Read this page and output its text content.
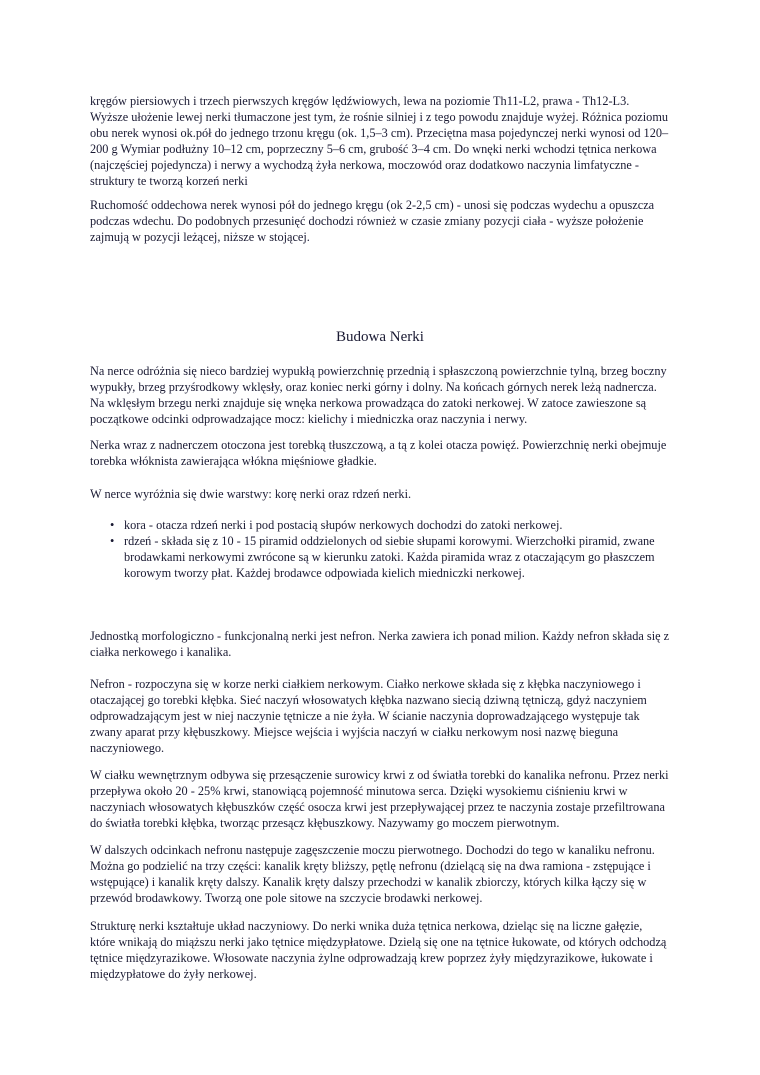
kręgów piersiowych i trzech pierwszych kręgów lędźwiowych, lewa na poziomie Th11-L2, prawa - Th12-L3. Wyższe ułożenie lewej nerki tłumaczone jest tym, że rośnie silniej i z tego powodu znajduje wyżej. Różnica poziomu obu nerek wynosi ok.pół do jednego trzonu kręgu (ok. 1,5–3 cm). Przeciętna masa pojedynczej nerki wynosi od 120–200 g Wymiar podłużny 10–12 cm, poprzeczny 5–6 cm, grubość 3–4 cm. Do wnęki nerki wchodzi tętnica nerkowa (najczęściej pojedyncza) i nerwy a wychodzą żyła nerkowa, moczowód oraz dodatkowo naczynia limfatyczne - struktury te tworzą korzeń nerki

Ruchomość oddechowa nerek wynosi pół do jednego kręgu (ok 2-2,5 cm) - unosi się podczas wydechu a opuszcza podczas wdechu. Do podobnych przesunięć dochodzi również w czasie zmiany pozycji ciała - wyższe położenie zajmują w pozycji leżącej, niższe w stojącej.

Budowa Nerki

Na nerce odróżnia się nieco bardziej wypukłą powierzchnię przednią i spłaszczoną powierzchnie tylną, brzeg boczny wypukły, brzeg przyśrodkowy wklęsły, oraz koniec nerki górny i dolny. Na końcach górnych nerek leżą nadnercza. Na wklęsłym brzegu nerki znajduje się wnęka nerkowa prowadząca do zatoki nerkowej. W zatoce zawieszone są początkowe odcinki odprowadzające mocz: kielichy i miedniczka oraz naczynia i nerwy.

Nerka wraz z nadnerczem otoczona jest torebką tłuszczową, a tą z kolei otacza powięź. Powierzchnię nerki obejmuje torebka włóknista zawierająca włókna mięśniowe gładkie.

W nerce wyróżnia się dwie warstwy: korę nerki oraz rdzeń nerki.

• kora - otacza rdzeń nerki i pod postacią słupów nerkowych dochodzi do zatoki nerkowej.
• rdzeń - składa się z 10 - 15 piramid oddzielonych od siebie słupami korowymi. Wierzchołki piramid, zwane brodawkami nerkowymi zwrócone są w kierunku zatoki. Każda piramida wraz z otaczającym go płaszczem korowym tworzy płat. Każdej brodawce odpowiada kielich miedniczki nerkowej.

Jednostką morfologiczno - funkcjonalną nerki jest nefron. Nerka zawiera ich ponad milion. Każdy nefron składa się z ciałka nerkowego i kanalika.

Nefron - rozpoczyna się w korze nerki ciałkiem nerkowym. Ciałko nerkowe składa się z kłębka naczyniowego i otaczającej go torebki kłębka. Sieć naczyń włosowatych kłębka nazwano siecią dziwną tętniczą, gdyż naczyniem odprowadzającym jest w niej naczynie tętnicze a nie żyła. W ścianie naczynia doprowadzającego występuje tak zwany aparat przy kłębuszkowy. Miejsce wejścia i wyjścia naczyń w ciałku nerkowym nosi nazwę bieguna naczyniowego.

W ciałku wewnętrznym odbywa się przesączenie surowicy krwi z od światła torebki do kanalika nefronu. Przez nerki przepływa około 20 - 25% krwi, stanowiącą pojemność minutowa serca. Dzięki wysokiemu ciśnieniu krwi w naczyniach włosowatych kłębuszków część osocza krwi jest przepływającej przez te naczynia zostaje przefiltrowana do światła torebki kłębka, tworząc przesącz kłębuszkowy. Nazywamy go moczem pierwotnym.

W dalszych odcinkach nefronu następuje zagęszczenie moczu pierwotnego. Dochodzi do tego w kanaliku nefronu. Można go podzielić na trzy części: kanalik kręty bliższy, pętlę nefronu (dzielącą się na dwa ramiona - zstępujące i wstępujące) i kanalik kręty dalszy. Kanalik kręty dalszy przechodzi w kanalik zbiorczy, których kilka łączy się w przewód brodawkowy. Tworzą one pole sitowe na szczycie brodawki nerkowej.

Strukturę nerki kształtuje układ naczyniowy. Do nerki wnika duża tętnica nerkowa, dzieląc się na liczne gałęzie, które wnikają do miąższu nerki jako tętnice międzypłatowe. Dzielą się one na tętnice łukowate, od których odchodzą tętnice międzyrazikowe. Włosowate naczynia żylne odprowadzają krew poprzez żyły międzyrazikowe, łukowate i międzypłatowe do żyły nerkowej.
